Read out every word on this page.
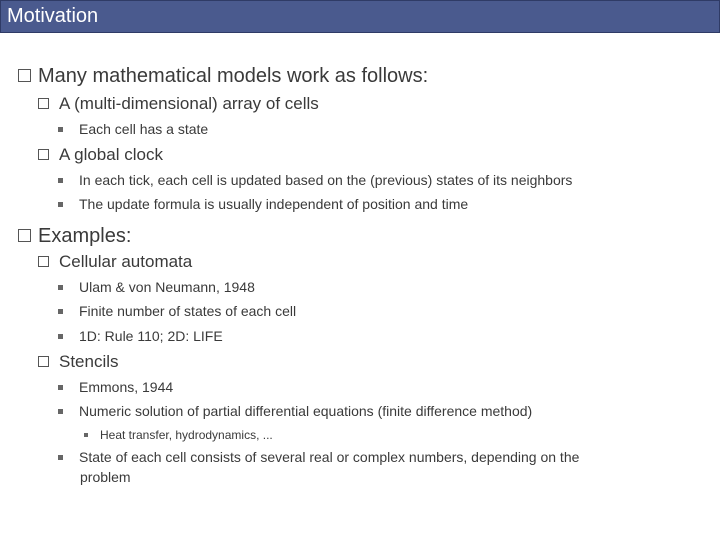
Motivation
Many mathematical models work as follows:
A (multi-dimensional) array of cells
Each cell has a state
A global clock
In each tick, each cell is updated based on the (previous) states of its neighbors
The update formula is usually independent of position and time
Examples:
Cellular automata
Ulam & von Neumann, 1948
Finite number of states of each cell
1D: Rule 110; 2D: LIFE
Stencils
Emmons, 1944
Numeric solution of partial differential equations (finite difference method)
Heat transfer, hydrodynamics, ...
State of each cell consists of several real or complex numbers, depending on the
problem
